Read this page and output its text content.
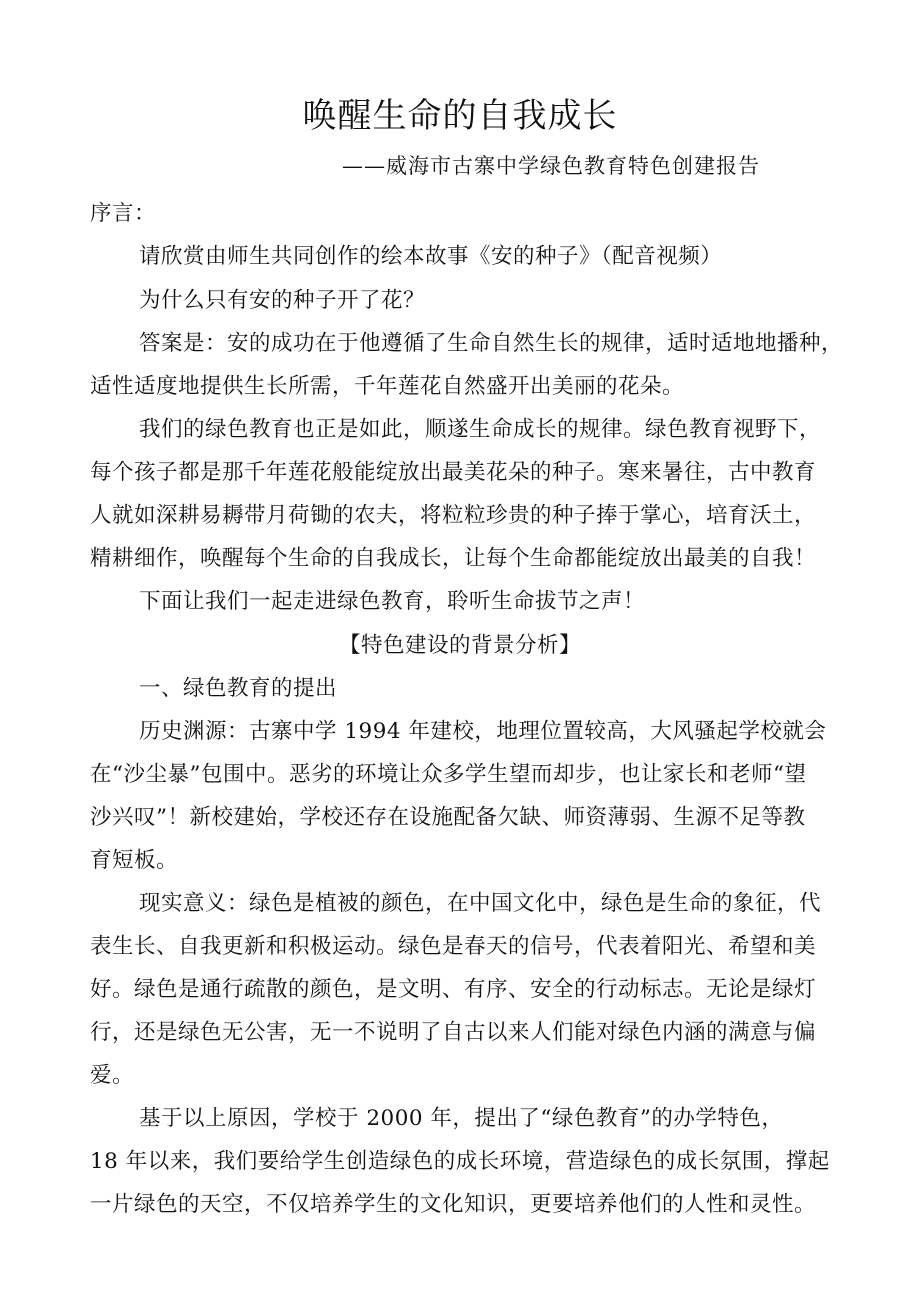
唤醒生命的自我成长
——威海市古寨中学绿色教育特色创建报告
序言：
请欣赏由师生共同创作的绘本故事《安的种子》（配音视频）
为什么只有安的种子开了花？
答案是：安的成功在于他遵循了生命自然生长的规律，适时适地地播种，
适性适度地提供生长所需，千年莲花自然盛开出美丽的花朵。
我们的绿色教育也正是如此，顺遂生命成长的规律。绿色教育视野下，
每个孩子都是那千年莲花般能绽放出最美花朵的种子。寒来暑往，古中教育
人就如深耕易耨带月荷锄的农夫，将粒粒珍贵的种子捧于掌心，培育沃土，
精耕细作，唤醒每个生命的自我成长，让每个生命都能绽放出最美的自我！
下面让我们一起走进绿色教育，聆听生命拔节之声！
【特色建设的背景分析】
一、绿色教育的提出
历史渊源：古寨中学 1994 年建校，地理位置较高，大风骚起学校就会
在“沙尘暴”包围中。恶劣的环境让众多学生望而却步，也让家长和老师“望
沙兴叹”！新校建始，学校还存在设施配备欠缺、师资薄弱、生源不足等教
育短板。
现实意义：绿色是植被的颜色，在中国文化中，绿色是生命的象征，代
表生长、自我更新和积极运动。绿色是春天的信号，代表着阳光、希望和美
好。绿色是通行疏散的颜色，是文明、有序、安全的行动标志。无论是绿灯
行，还是绿色无公害，无一不说明了自古以来人们能对绿色内涵的满意与偏
爱。
基于以上原因，学校于 2000 年，提出了“绿色教育”的办学特色，
18 年以来，我们要给学生创造绿色的成长环境，营造绿色的成长氛围，撑起
一片绿色的天空，不仅培养学生的文化知识，更要培养他们的人性和灵性。
